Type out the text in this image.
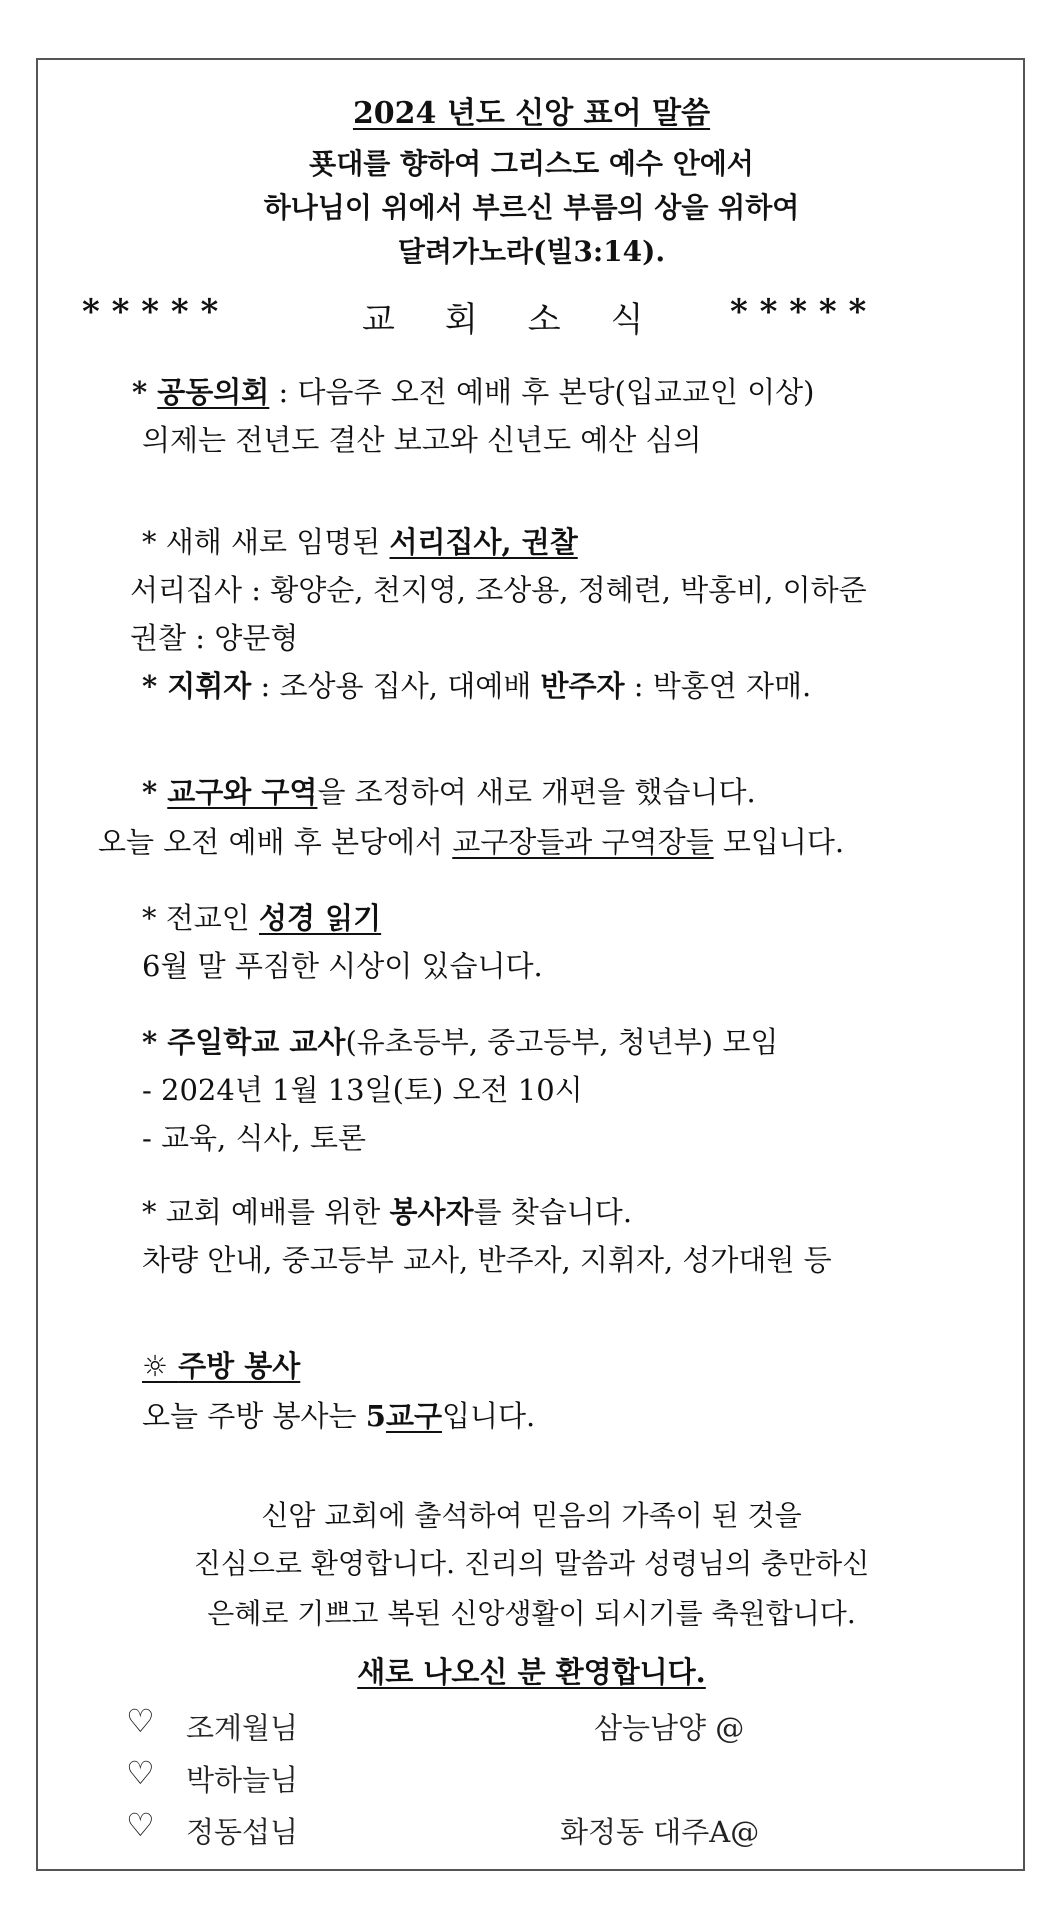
2024 년도 신앙 표어 말씀
푯대를 향하여 그리스도 예수 안에서
하나님이 위에서 부르신 부름의 상을 위하여
달려가노라(빌3:14).
* * * * *	교회소식 * * * * *
* 공동의회 : 다음주 오전 예배 후 본당(입교교인 이상)
의제는 전년도 결산 보고와 신년도 예산 심의
* 새해 새로 임명된 서리집사, 권찰
서리집사 : 황양순, 천지영, 조상용, 정혜련, 박홍비, 이하준
권찰 : 양문형
* 지휘자 : 조상용 집사, 대예배 반주자 : 박홍연 자매.
* 교구와 구역을 조정하여 새로 개편을 했습니다.
오늘 오전 예배 후 본당에서 교구장들과 구역장들 모입니다.
* 전교인 성경 읽기
6월 말 푸짐한 시상이 있습니다.
* 주일학교 교사(유초등부, 중고등부, 청년부) 모임
- 2024년 1월 13일(토) 오전 10시
- 교육, 식사, 토론
* 교회 예배를 위한 봉사자를 찾습니다.
차량 안내, 중고등부 교사, 반주자, 지휘자, 성가대원 등
☼ 주방 봉사
오늘 주방 봉사는 5교구입니다.
신암 교회에 출석하여 믿음의 가족이 된 것을
진심으로 환영합니다. 진리의 말씀과 성령님의 충만하신
은혜로 기쁘고 복된 신앙생활이 되시기를 축원합니다.
새로 나오신 분 환영합니다.
♡ 조계월님	삼능남양 @
♡ 박하늘님
♡ 정동섭님	화정동 대주A@
